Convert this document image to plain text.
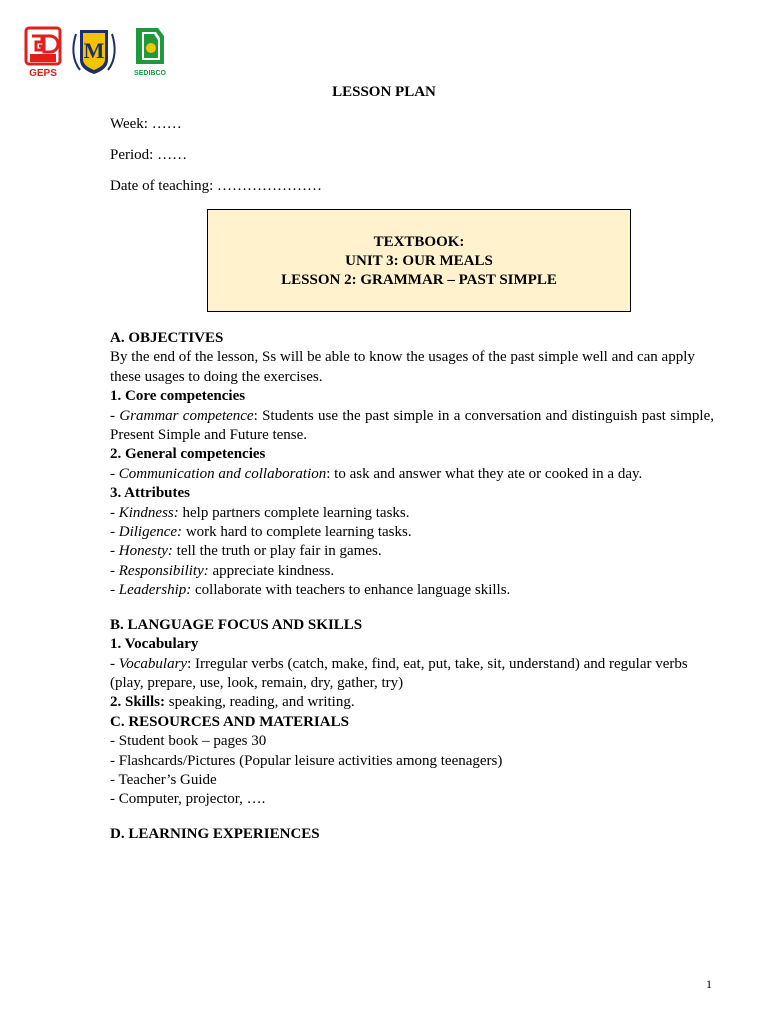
GEPS
M
SEDIBCO
LESSON PLAN
Week: ……
Period: ……
Date of teaching: …………………
TEXTBOOK:
UNIT 3: OUR MEALS
LESSON 2: GRAMMAR – PAST SIMPLE

A. OBJECTIVES

By the end of the lesson, Ss will be able to know the usages of the past simple well and can apply these usages to doing the exercises.

1. Core competencies

- Grammar competence: Students use the past simple in a conversation and distinguish past simple, Present Simple and Future tense.

2. General competencies

- Communication and collaboration: to ask and answer what they ate or cooked in a day.

3. Attributes

- Kindness: help partners complete learning tasks.

- Diligence: work hard to complete learning tasks.

- Honesty: tell the truth or play fair in games.

- Responsibility: appreciate kindness.

- Leadership: collaborate with teachers to enhance language skills.

B. LANGUAGE FOCUS AND SKILLS

1. Vocabulary

- Vocabulary: Irregular verbs (catch, make, find, eat, put, take, sit, understand) and regular verbs (play, prepare, use, look, remain, dry, gather, try)

2. Skills: speaking, reading, and writing.

C. RESOURCES AND MATERIALS

- Student book – pages 30

- Flashcards/Pictures (Popular leisure activities among teenagers)

- Teacher’s Guide

- Computer, projector, ….

D. LEARNING EXPERIENCES

1
